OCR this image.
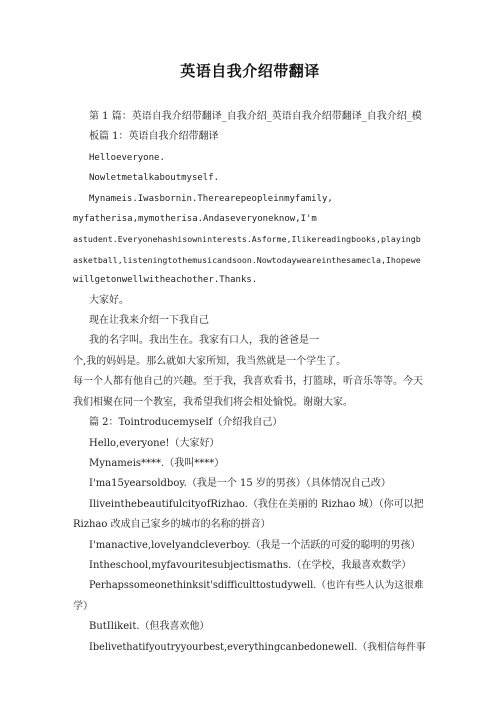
英语自我介绍带翻译

第 1 篇：英语自我介绍带翻译_自我介绍_英语自我介绍带翻译_自我介绍_模

板篇 1：英语自我介绍带翻译

Helloeveryone.

Nowletmetalkaboutmyself.

Mynameis.Iwasbornin.Therearepeopleinmyfamily,

myfatherisa,mymotherisa.Andaseveryoneknow,I'm

astudent.Everyonehashisowninterests.Asforme,Ilikereadingbooks,playingb

asketball,listeningtothemusicandsoon.Nowtodayweareinthesamecla,Ihopewe

willgetonwellwitheachother.Thanks.

大家好。

现在让我来介绍一下我自己

我的名字叫。我出生在。我家有口人，我的爸爸是一

个,我的妈妈是。那么就如大家所知，我当然就是一个学生了。

每一个人都有他自己的兴趣。至于我，我喜欢看书，打篮球，听音乐等等。今天

我们相聚在同一个教室，我希望我们将会相处愉悦。谢谢大家。

篇 2：Tointroducemyself（介绍我自己）

Hello,everyone!（大家好）

Mynameis****.（我叫****）

I'ma15yearsoldboy.（我是一个 15 岁的男孩）（具体情况自己改）

IliveinthebeautifulcityofRizhao.（我住在美丽的 Rizhao 城）（你可以把

Rizhao 改成自己家乡的城市的名称的拼音）

I'manactive,lovelyandcleverboy.（我是一个活跃的可爱的聪明的男孩）

Intheschool,myfavouritesubjectismaths.（在学校，我最喜欢数学）

Perhapssomeonethinksit'sdifficulttostudywell.（也许有些人认为这很难

学）

ButIlikeit.（但我喜欢他）

Ibelivethatifyoutryyourbest,everythingcanbedonewell.（我相信每件事
